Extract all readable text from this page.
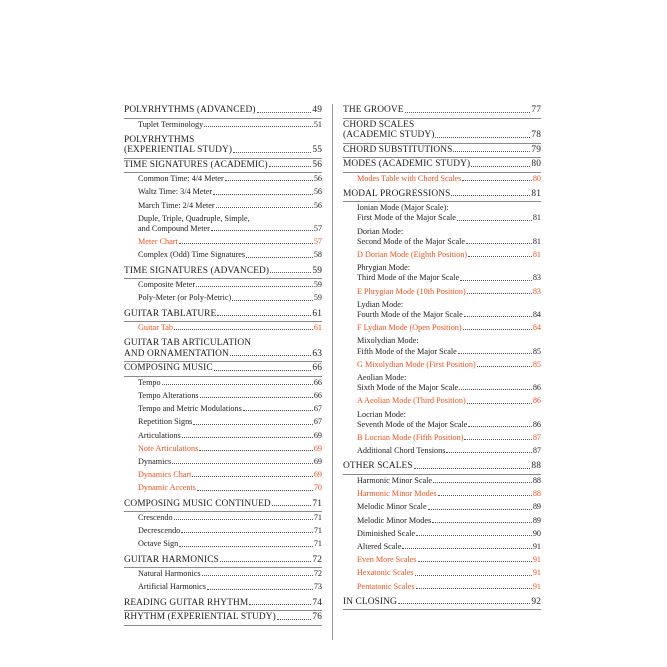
POLYRHYTHMS (ADVANCED)	49
Tuplet Terminology	51
POLYRHYTHMS
(EXPERIENTIAL STUDY)	55
TIME SIGNATURES (ACADEMIC)	56
Common Time: 4/4 Meter	56
Waltz Time: 3/4 Meter	56
March Time: 2/4 Meter	56
Duple, Triple, Quadruple, Simple,
and Compound Meter	57
Meter Chart	57
Complex (Odd) Time Signatures	58
TIME SIGNATURES (ADVANCED)	59
Composite Meter	59
Poly-Meter (or Poly-Metric)	59
GUITAR TABLATURE	61
Guitar Tab	61
GUITAR TAB ARTICULATION
AND ORNAMENTATION	63
COMPOSING MUSIC	66
Tempo	66
Tempo Alterations	66
Tempo and Metric Modulations	67
Repetition Signs	67
Articulations	69
Note Articulations	69
Dynamics	69
Dynamics Chart	69
Dynamic Accents	70
COMPOSING MUSIC CONTINUED	71
Crescendo	71
Decrescendo	71
Octave Sign	71
GUITAR HARMONICS	72
Natural Harmonics	72
Artificial Harmonics	73
READING GUITAR RHYTHM	74
RHYTHM (EXPERIENTIAL STUDY)	76
THE GROOVE	77
CHORD SCALES
(ACADEMIC STUDY)	78
CHORD SUBSTITUTIONS	79
MODES (ACADEMIC STUDY)	80
Modes Table with Chord Scales	80
MODAL PROGRESSIONS	81
Ionian Mode (Major Scale):
First Mode of the Major Scale	81
Dorian Mode:
Second Mode of the Major Scale	81
D Dorian Mode (Eighth Position)	81
Phrygian Mode:
Third Mode of the Major Scale	83
E Phrygian Mode (10th Position)	83
Lydian Mode:
Fourth Mode of the Major Scale	84
F Lydian Mode (Open Position)	84
Mixolydian Mode:
Fifth Mode of the Major Scale	85
G Mixolydian Mode (First Position)	85
Aeolian Mode:
Sixth Mode of the Major Scale	86
A Aeolian Mode (Third Position)	86
Locrian Mode:
Seventh Mode of the Major Scale	86
B Locrian Mode (Fifth Position)	87
Additional Chord Tensions	87
OTHER SCALES	88
Harmonic Minor Scale	88
Harmonic Minor Modes	88
Melodic Minor Scale	89
Melodic Minor Modes	89
Diminished Scale	90
Altered Scale	91
Even More Scales	91
Hexatonic Scales	91
Pentatonic Scales	91
IN CLOSING	92
